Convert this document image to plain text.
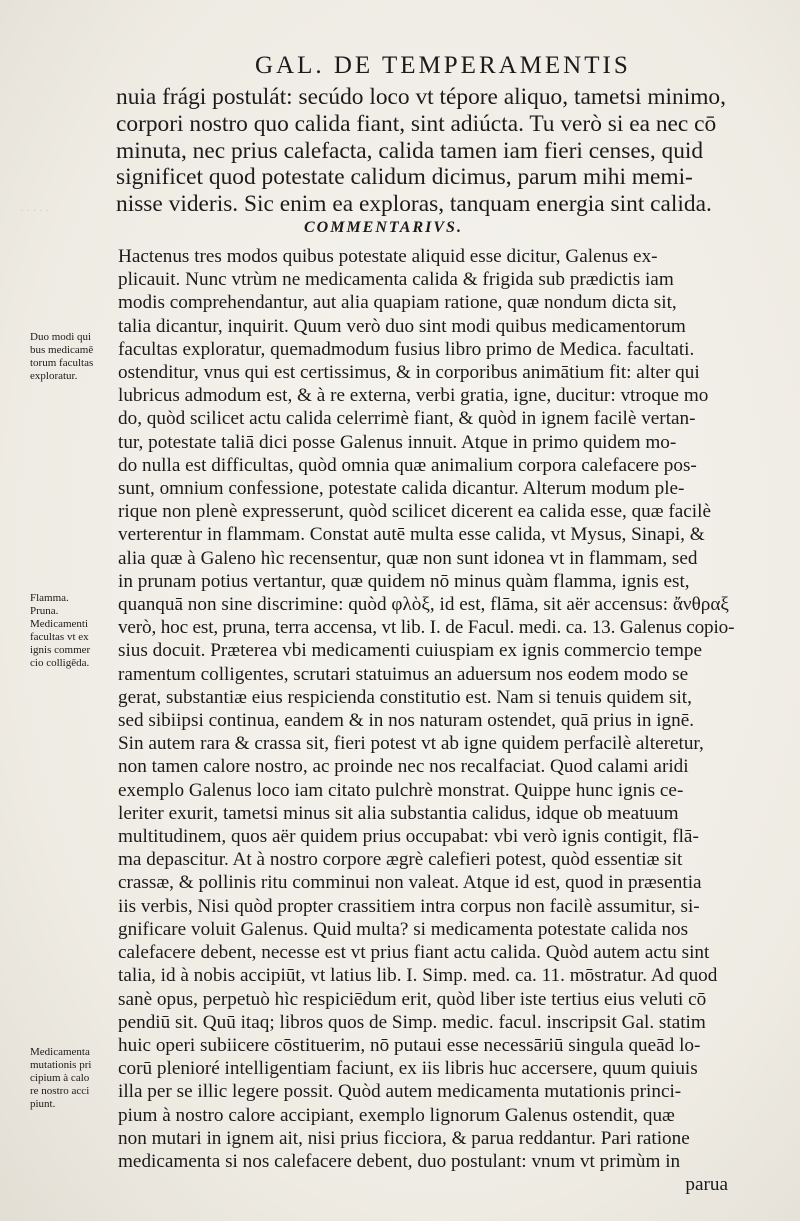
· · · · ·
GAL. DE TEMPERAMENTIS
nuia frági postulát: secúdo loco vt tépore aliquo, tametsi minimo,
corpori nostro quo calida fiant, sint adiúcta. Tu verò si ea nec cō
minuta, nec prius calefacta, calida tamen iam fieri censes, quid
significet quod potestate calidum dicimus, parum mihi memi-
nisse videris. Sic enim ea exploras, tanquam energia sint calida.
COMMENTARIVS.
Hactenus tres modos quibus potestate aliquid esse dicitur, Galenus ex-
plicauit. Nunc vtrùm ne medicamenta calida & frigida sub prædictis iam
modis comprehendantur, aut alia quapiam ratione, quæ nondum dicta sit,
talia dicantur, inquirit. Quum verò duo sint modi quibus medicamentorum
facultas exploratur, quemadmodum fusius libro primo de Medica. facultati.
ostenditur, vnus qui est certissimus, & in corporibus animātium fit: alter qui
lubricus admodum est, & à re externa, verbi gratia, igne, ducitur: vtroque mo
do, quòd scilicet actu calida celerrimè fiant, & quòd in ignem facilè vertan-
tur, potestate taliā dici posse Galenus innuit. Atque in primo quidem mo-
do nulla est difficultas, quòd omnia quæ animalium corpora calefacere pos-
sunt, omnium confessione, potestate calida dicantur. Alterum modum ple-
rique non plenè expresserunt, quòd scilicet dicerent ea calida esse, quæ facilè
verterentur in flammam. Constat autē multa esse calida, vt Mysus, Sinapi, &
alia quæ à Galeno hìc recensentur, quæ non sunt idonea vt in flammam, sed
in prunam potius vertantur, quæ quidem nō minus quàm flamma, ignis est,
quanquā non sine discrimine: quòd φλὸξ, id est, flāma, sit aër accensus: ἄνθραξ
verò, hoc est, pruna, terra accensa, vt lib. I. de Facul. medi. ca. 13. Galenus copio-
sius docuit. Præterea vbi medicamenti cuiuspiam ex ignis commercio tempe
ramentum colligentes, scrutari statuimus an aduersum nos eodem modo se
gerat, substantiæ eius respicienda constitutio est. Nam si tenuis quidem sit,
sed sibiipsi continua, eandem & in nos naturam ostendet, quā prius in ignē.
Sin autem rara & crassa sit, fieri potest vt ab igne quidem perfacilè alteretur,
non tamen calore nostro, ac proinde nec nos recalfaciat. Quod calami aridi
exemplo Galenus loco iam citato pulchrè monstrat. Quippe hunc ignis ce-
leriter exurit, tametsi minus sit alia substantia calidus, idque ob meatuum
multitudinem, quos aër quidem prius occupabat: vbi verò ignis contigit, flā-
ma depascitur. At à nostro corpore ægrè calefieri potest, quòd essentiæ sit
crassæ, & pollinis ritu comminui non valeat. Atque id est, quod in præsentia
iis verbis, Nisi quòd propter crassitiem intra corpus non facilè assumitur, si-
gnificare voluit Galenus. Quid multa? si medicamenta potestate calida nos
calefacere debent, necesse est vt prius fiant actu calida. Quòd autem actu sint
talia, id à nobis accipiūt, vt latius lib. I. Simp. med. ca. 11. mōstratur. Ad quod
sanè opus, perpetuò hìc respiciēdum erit, quòd liber iste tertius eius veluti cō
pendiū sit. Quū itaq; libros quos de Simp. medic. facul. inscripsit Gal. statim
huic operi subiicere cōstituerim, nō putaui esse necessāriū singula queād lo-
corū plenioré intelligentiam faciunt, ex iis libris huc accersere, quum quiuis
illa per se illic legere possit. Quòd autem medicamenta mutationis princi-
pium à nostro calore accipiant, exemplo lignorum Galenus ostendit, quæ
non mutari in ignem ait, nisi prius ficciora, & parua reddantur. Pari ratione
medicamenta si nos calefacere debent, duo postulant: vnum vt primùm in
parua
Duo modi qui
bus medicamē
torum facultas
exploratur.
Flamma.
Pruna.
Medicamenti
facultas vt ex
ignis commer
cio colligēda.
Medicamenta
mutationis pri
cipium à calo
re nostro acci
piunt.
